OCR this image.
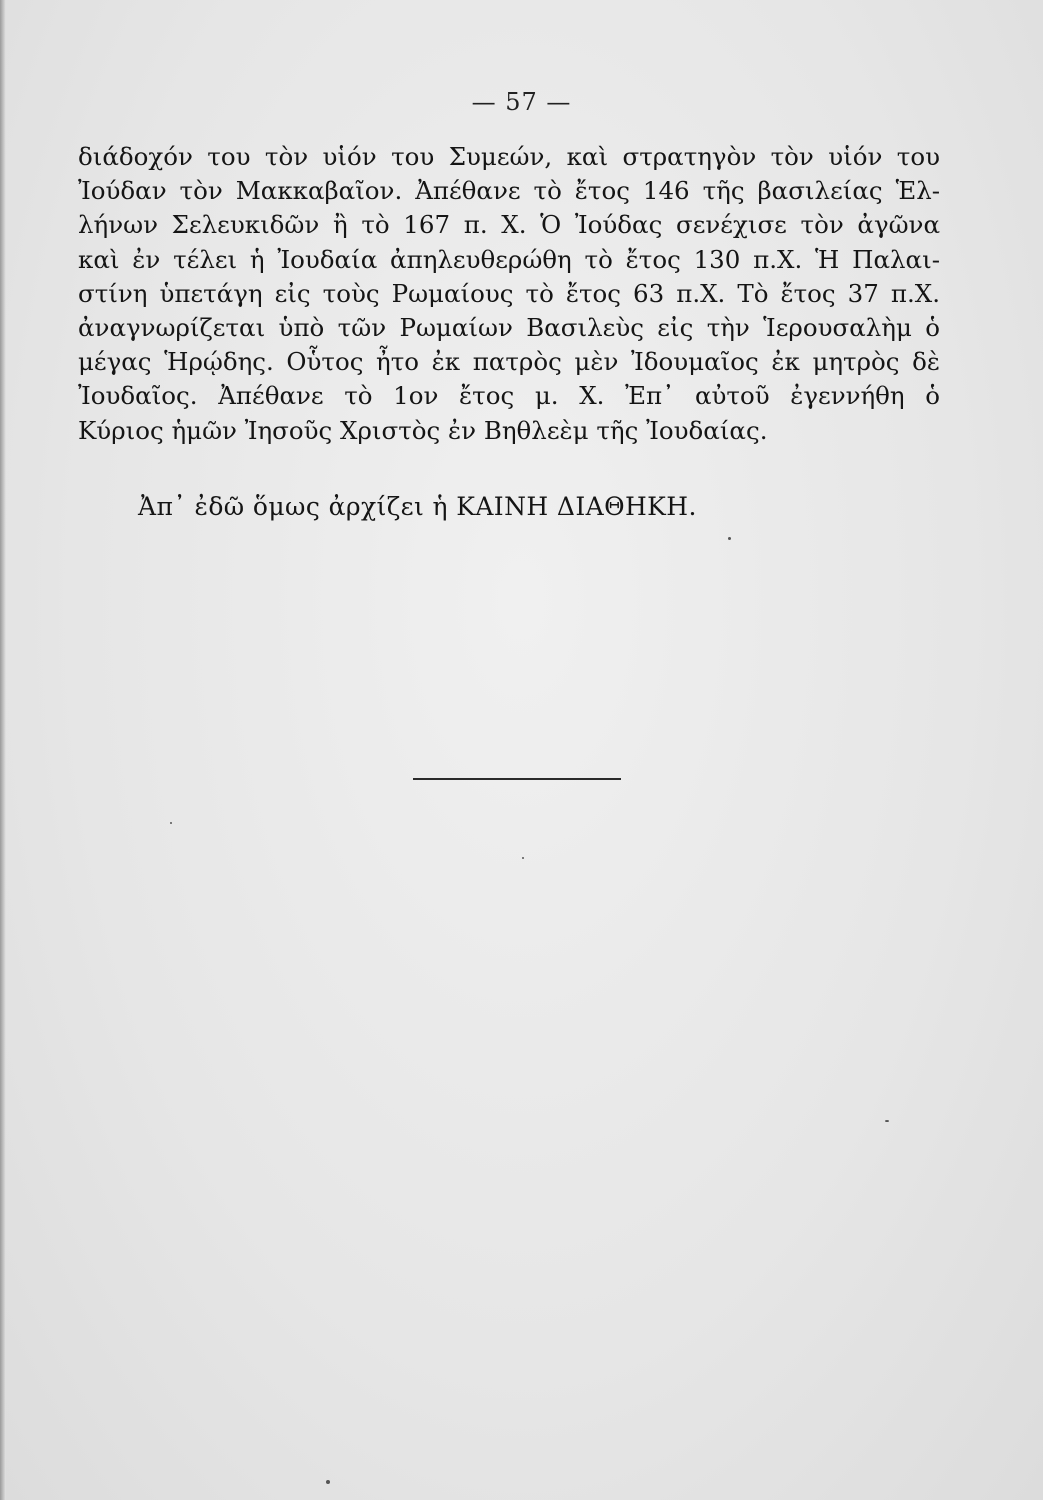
— 57 —
διάδοχόν του τὸν υἱόν του Συμεών, καὶ στρατηγὸν τὸν υἱόν του
Ἰούδαν τὸν Μακκαβαῖον. Ἀπέθανε τὸ ἔτος 146 τῆς βασιλείας Ἑλ-
λήνων Σελευκιδῶν ἢ τὸ 167 π. Χ. Ὁ Ἰούδας σενέχισε τὸν ἀγῶνα
καὶ ἐν τέλει ἡ Ἰουδαία ἀπηλευθερώθη τὸ ἔτος 130 π.Χ. Ἡ Παλαι-
στίνη ὑπετάγη εἰς τοὺς Ρωμαίους τὸ ἔτος 63 π.Χ. Τὸ ἔτος 37 π.Χ.
ἀναγνωρίζεται ὑπὸ τῶν Ρωμαίων Βασιλεὺς εἰς τὴν Ἱερουσαλὴμ ὁ
μέγας Ἡρῴδης. Οὗτος ἦτο ἐκ πατρὸς μὲν Ἰδουμαῖος ἐκ μητρὸς δὲ
Ἰουδαῖος. Ἀπέθανε τὸ 1ον ἔτος μ. Χ. Ἐπ᾽ αὐτοῦ ἐγεννήθη ὁ
Κύριος ἡμῶν Ἰησοῦς Χριστὸς ἐν Βηθλεὲμ τῆς Ἰουδαίας.
Ἀπ᾽ ἐδῶ ὅμως ἀρχίζει ἡ ΚΑΙΝΗ ΔΙΑΘΗΚΗ.
